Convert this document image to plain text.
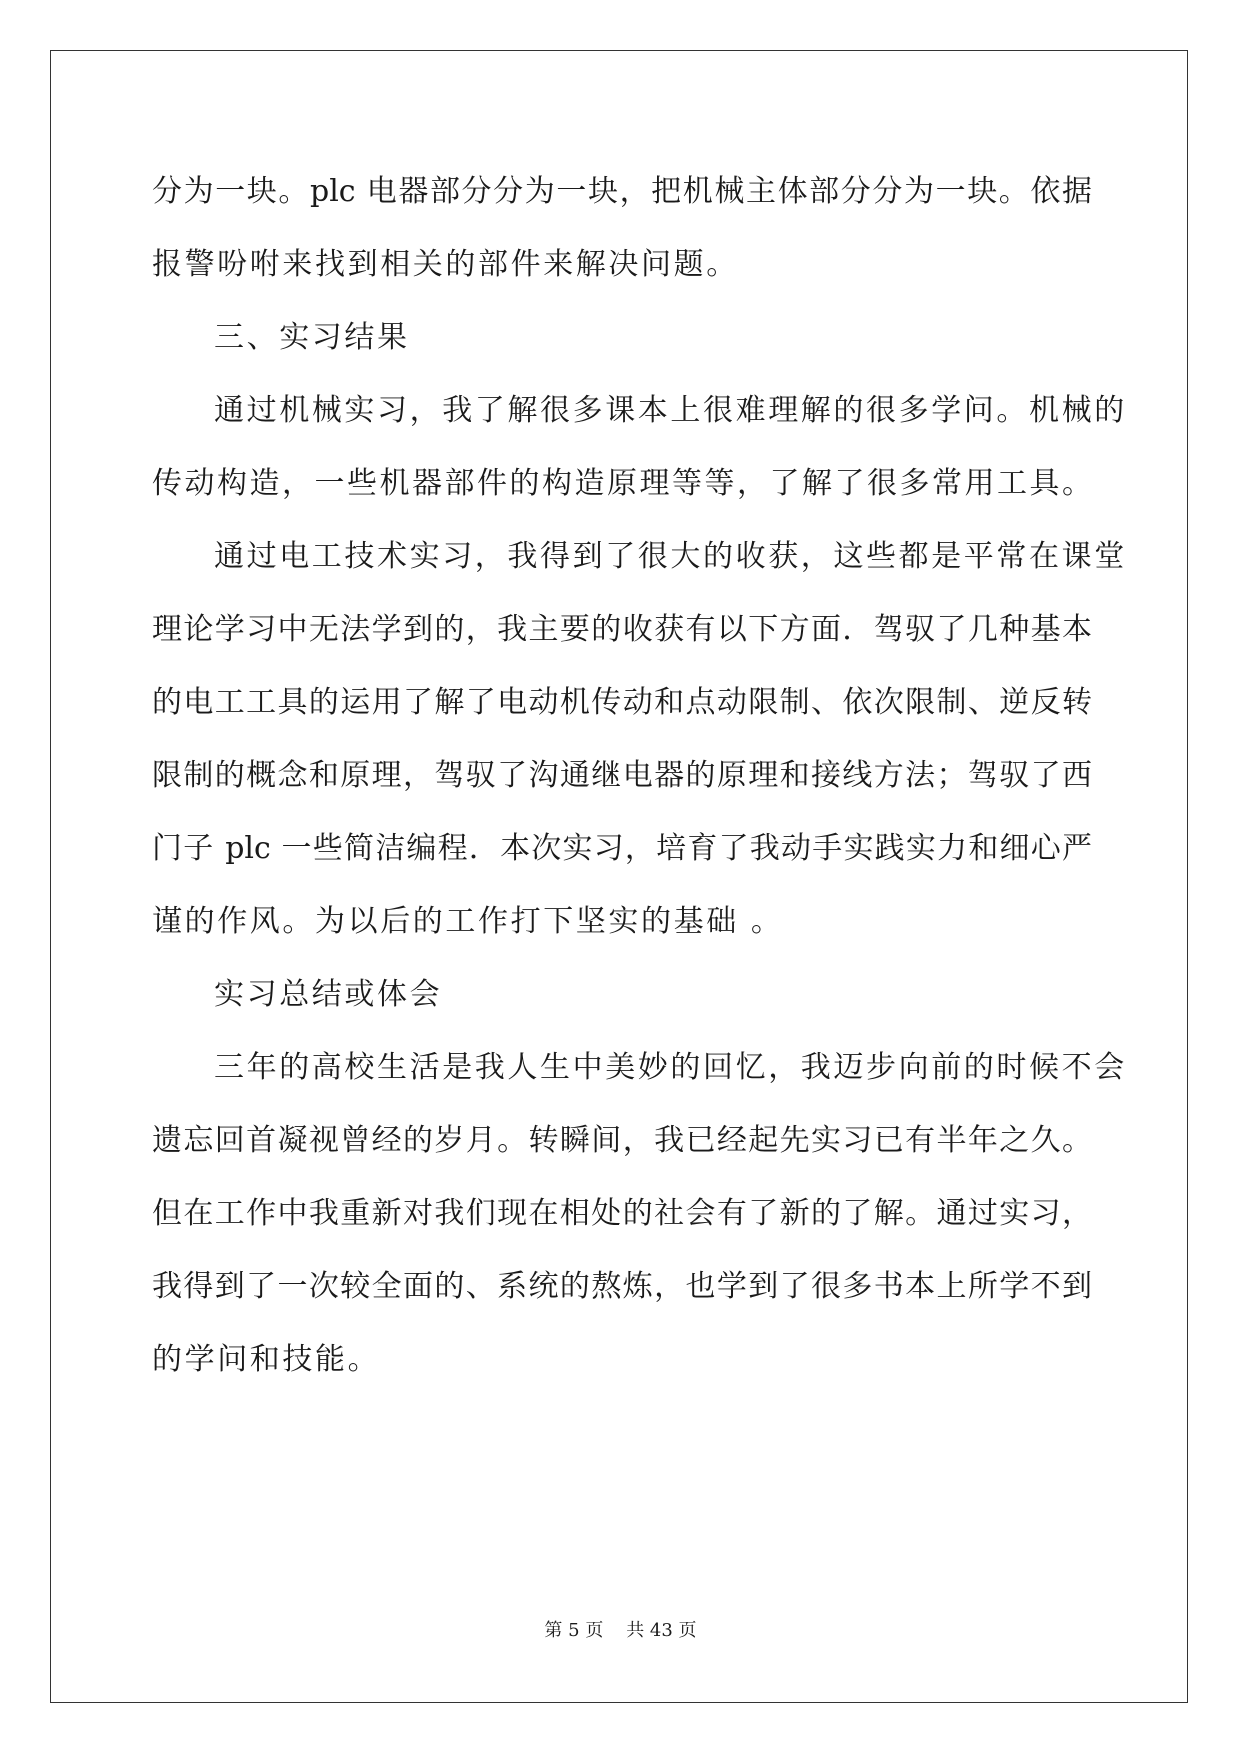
分为一块。plc 电器部分分为一块，把机械主体部分分为一块。依据
报警吩咐来找到相关的部件来解决问题。
三、实习结果
通过机械实习，我了解很多课本上很难理解的很多学问。机械的
传动构造，一些机器部件的构造原理等等，了解了很多常用工具。
通过电工技术实习，我得到了很大的收获，这些都是平常在课堂
理论学习中无法学到的，我主要的收获有以下方面．驾驭了几种基本
的电工工具的运用了解了电动机传动和点动限制、依次限制、逆反转
限制的概念和原理，驾驭了沟通继电器的原理和接线方法；驾驭了西
门子 plc 一些简洁编程．本次实习，培育了我动手实践实力和细心严
谨的作风。为以后的工作打下坚实的基础 。
实习总结或体会
三年的高校生活是我人生中美妙的回忆，我迈步向前的时候不会
遗忘回首凝视曾经的岁月。转瞬间，我已经起先实习已有半年之久。
但在工作中我重新对我们现在相处的社会有了新的了解。通过实习，
我得到了一次较全面的、系统的熬炼，也学到了很多书本上所学不到
的学问和技能。
第 5 页    共 43 页
